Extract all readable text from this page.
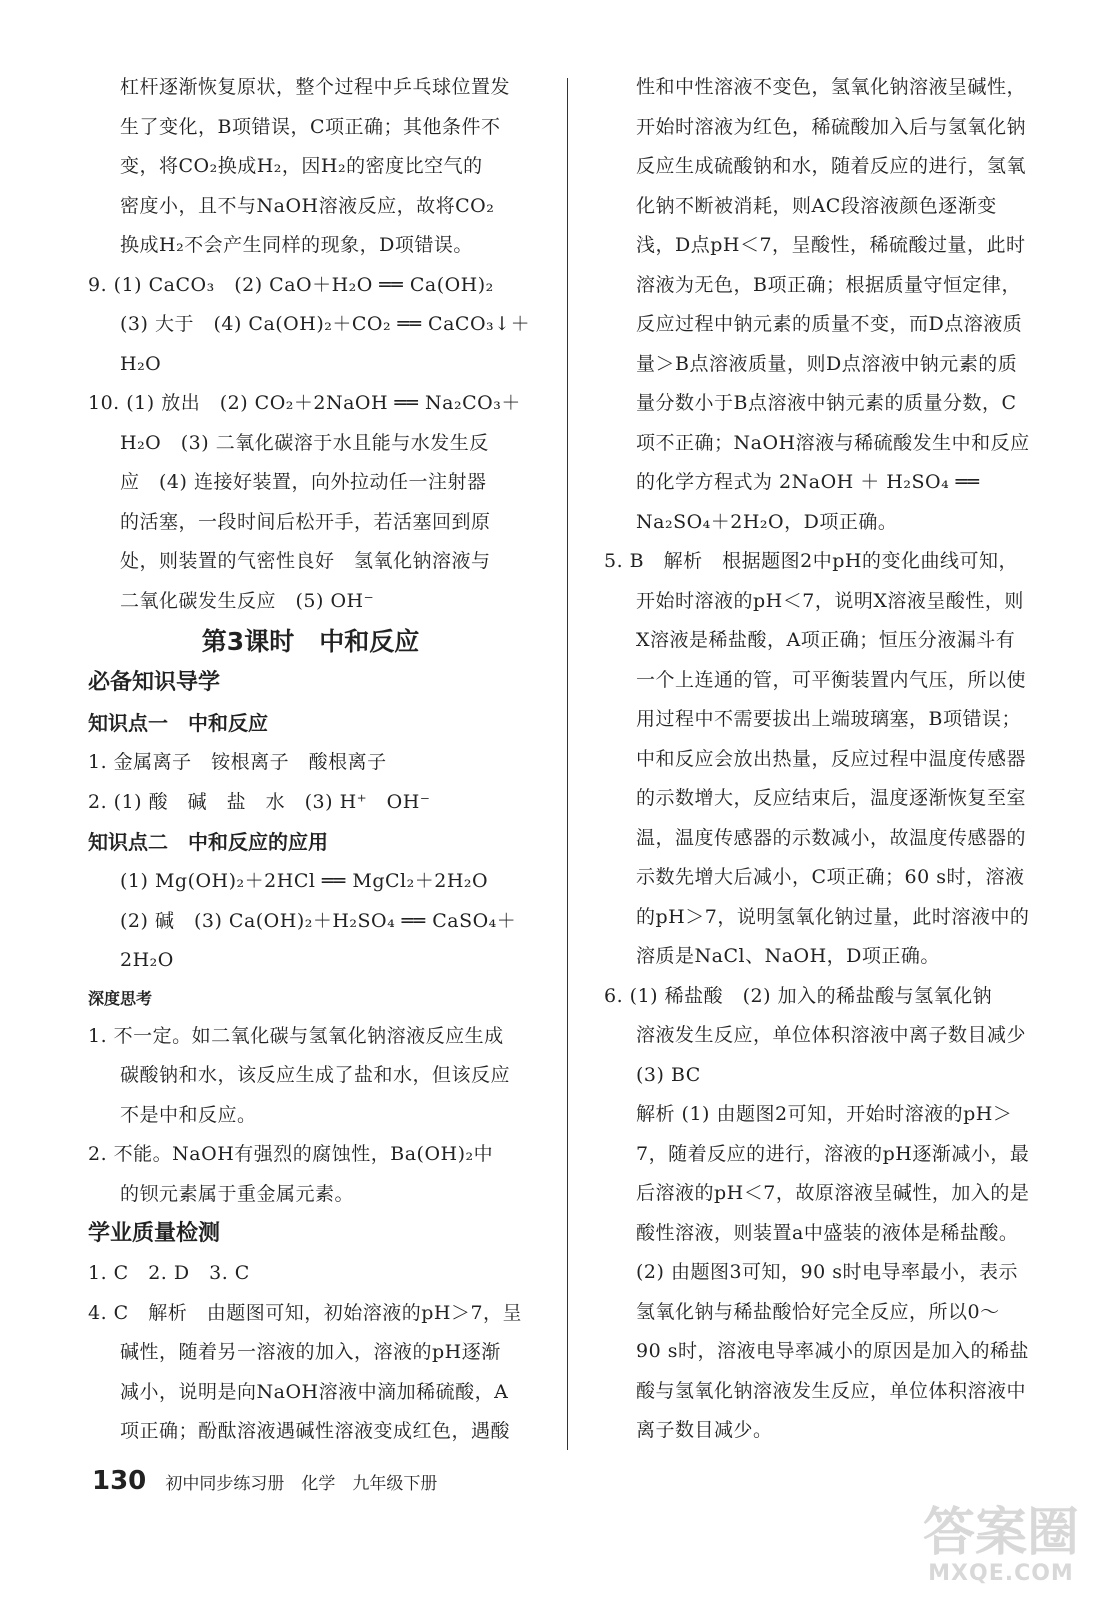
杠杆逐渐恢复原状，整个过程中乒乓球位置发
生了变化，B项错误，C项正确；其他条件不
变，将CO₂换成H₂，因H₂的密度比空气的
密度小，且不与NaOH溶液反应，故将CO₂
换成H₂不会产生同样的现象，D项错误。
9. (1) CaCO₃　(2) CaO＋H₂O ══ Ca(OH)₂
(3) 大于　(4) Ca(OH)₂＋CO₂ ══ CaCO₃↓＋
H₂O
10. (1) 放出　(2) CO₂＋2NaOH ══ Na₂CO₃＋
H₂O　(3) 二氧化碳溶于水且能与水发生反
应　(4) 连接好装置，向外拉动任一注射器
的活塞，一段时间后松开手，若活塞回到原
处，则装置的气密性良好　氢氧化钠溶液与
二氧化碳发生反应　(5) OH⁻
第3课时　中和反应
必备知识导学
知识点一　中和反应
1. 金属离子　铵根离子　酸根离子
2. (1) 酸　碱　盐　水　(3) H⁺　OH⁻
知识点二　中和反应的应用
(1) Mg(OH)₂＋2HCl ══ MgCl₂＋2H₂O
(2) 碱　(3) Ca(OH)₂＋H₂SO₄ ══ CaSO₄＋
2H₂O
深度思考
1. 不一定。如二氧化碳与氢氧化钠溶液反应生成
碳酸钠和水，该反应生成了盐和水，但该反应
不是中和反应。
2. 不能。NaOH有强烈的腐蚀性，Ba(OH)₂中
的钡元素属于重金属元素。
学业质量检测
1. C　2. D　3. C
4. C　解析　由题图可知，初始溶液的pH＞7，呈
碱性，随着另一溶液的加入，溶液的pH逐渐
减小，说明是向NaOH溶液中滴加稀硫酸，A
项正确；酚酞溶液遇碱性溶液变成红色，遇酸
性和中性溶液不变色，氢氧化钠溶液呈碱性，
开始时溶液为红色，稀硫酸加入后与氢氧化钠
反应生成硫酸钠和水，随着反应的进行，氢氧
化钠不断被消耗，则AC段溶液颜色逐渐变
浅，D点pH＜7，呈酸性，稀硫酸过量，此时
溶液为无色，B项正确；根据质量守恒定律，
反应过程中钠元素的质量不变，而D点溶液质
量＞B点溶液质量，则D点溶液中钠元素的质
量分数小于B点溶液中钠元素的质量分数，C
项不正确；NaOH溶液与稀硫酸发生中和反应
的化学方程式为 2NaOH ＋ H₂SO₄ ══
Na₂SO₄＋2H₂O，D项正确。
5. B　解析　根据题图2中pH的变化曲线可知，
开始时溶液的pH＜7，说明X溶液呈酸性，则
X溶液是稀盐酸，A项正确；恒压分液漏斗有
一个上连通的管，可平衡装置内气压，所以使
用过程中不需要拔出上端玻璃塞，B项错误；
中和反应会放出热量，反应过程中温度传感器
的示数增大，反应结束后，温度逐渐恢复至室
温，温度传感器的示数减小，故温度传感器的
示数先增大后减小，C项正确；60 s时，溶液
的pH＞7，说明氢氧化钠过量，此时溶液中的
溶质是NaCl、NaOH，D项正确。
6. (1) 稀盐酸　(2) 加入的稀盐酸与氢氧化钠
溶液发生反应，单位体积溶液中离子数目减少
(3) BC
解析 (1) 由题图2可知，开始时溶液的pH＞
7，随着反应的进行，溶液的pH逐渐减小，最
后溶液的pH＜7，故原溶液呈碱性，加入的是
酸性溶液，则装置a中盛装的液体是稀盐酸。
(2) 由题图3可知，90 s时电导率最小，表示
氢氧化钠与稀盐酸恰好完全反应，所以0～
90 s时，溶液电导率减小的原因是加入的稀盐
酸与氢氧化钠溶液发生反应，单位体积溶液中
离子数目减少。
130 初中同步练习册　化学　九年级下册
答案圈
MXQE.COM
